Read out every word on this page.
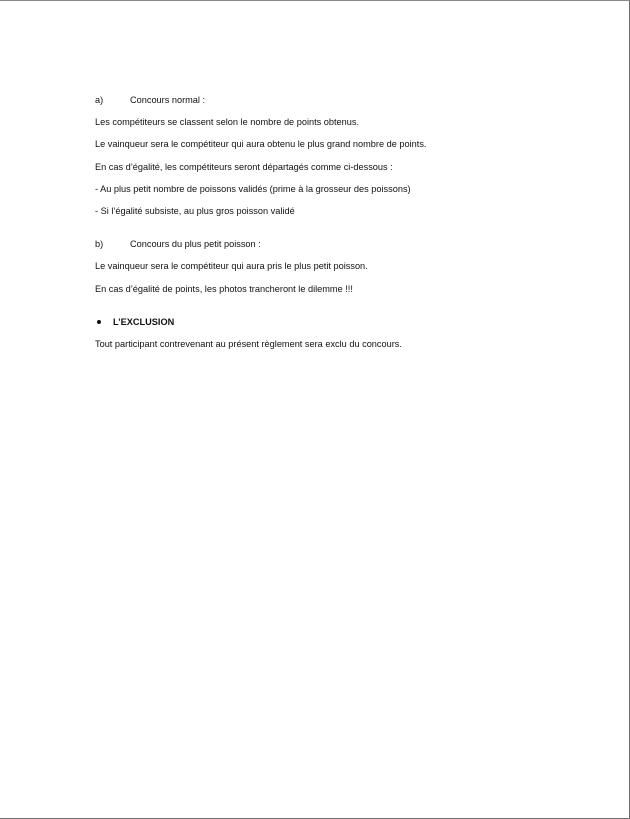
a)	Concours normal :
Les compétiteurs se classent selon le nombre de points obtenus.
Le vainqueur sera le compétiteur qui aura obtenu le plus grand nombre de points.
En cas d’égalité, les compétiteurs seront départagés comme ci-dessous :
- Au plus petit nombre de poissons validés (prime à la grosseur des poissons)
- Si l’égalité subsiste, au plus gros poisson validé
b)	Concours du plus petit poisson :
Le vainqueur sera le compétiteur qui aura pris le plus petit poisson.
En cas d’égalité de points, les photos trancheront le dilemme !!!
L’EXCLUSION
Tout participant contrevenant au présent règlement sera exclu du concours.
